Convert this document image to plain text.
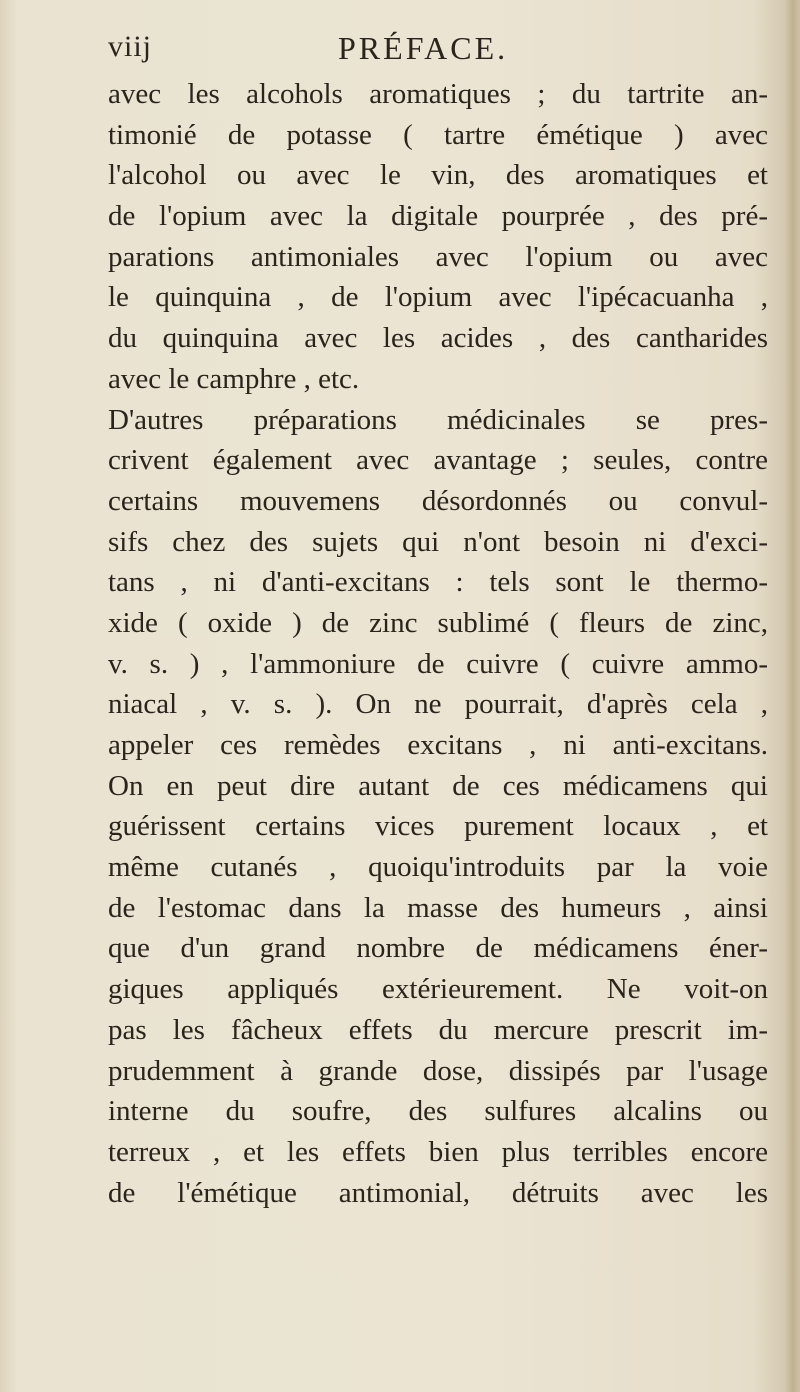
viij	PRÉFACE.
avec les alcohols aromatiques ; du tartrite an-
timonié de potasse ( tartre émétique ) avec
l'alcohol ou avec le vin, des aromatiques et
de l'opium avec la digitale pourprée , des pré-
parations antimoniales avec l'opium ou avec
le quinquina , de l'opium avec l'ipécacuanha ,
du quinquina avec les acides , des cantharides
avec le camphre , etc.
D'autres préparations médicinales se pres-
crivent également avec avantage ; seules, contre
certains mouvemens désordonnés ou convul-
sifs chez des sujets qui n'ont besoin ni d'exci-
tans , ni d'anti-excitans : tels sont le thermo-
xide ( oxide ) de zinc sublimé ( fleurs de zinc,
v. s. ) , l'ammoniure de cuivre ( cuivre ammo-
niacal , v. s. ). On ne pourrait, d'après cela ,
appeler ces remèdes excitans , ni anti-excitans.
On en peut dire autant de ces médicamens qui
guérissent certains vices purement locaux , et
même cutanés , quoiqu'introduits par la voie
de l'estomac dans la masse des humeurs , ainsi
que d'un grand nombre de médicamens éner-
giques appliqués extérieurement. Ne voit-on
pas les fâcheux effets du mercure prescrit im-
prudemment à grande dose, dissipés par l'usage
interne du soufre, des sulfures alcalins ou
terreux , et les effets bien plus terribles encore
de l'émétique antimonial, détruits avec les
